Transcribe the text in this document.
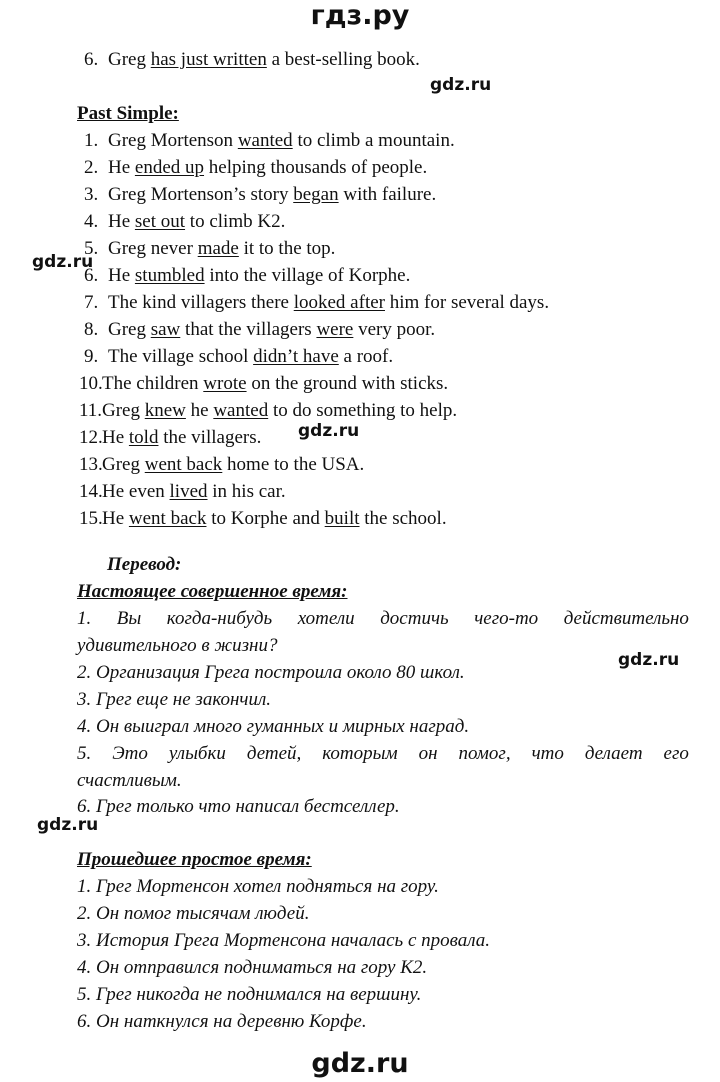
гдз.ру
gdz.ru
gdz.ru
gdz.ru
gdz.ru
gdz.ru
gdz.ru
6. Greg has just written a best-selling book.
Past Simple:
1. Greg Mortenson wanted to climb a mountain.
2. He ended up helping thousands of people.
3. Greg Mortenson’s story began with failure.
4. He set out to climb K2.
5. Greg never made it to the top.
6. He stumbled into the village of Korphe.
7. The kind villagers there looked after him for several days.
8. Greg saw that the villagers were very poor.
9. The village school didn’t have a roof.
10.The children wrote on the ground with sticks.
11.Greg knew he wanted to do something to help.
12.He told the villagers.
13.Greg went back home to the USA.
14.He even lived in his car.
15.He went back to Korphe and built the school.
Перевод:
Настоящее совершенное время:
1. Вы когда-нибудь хотели достичь чего-то действительно
удивительного в жизни?
2. Организация Грега построила около 80 школ.
3. Грег еще не закончил.
4. Он выиграл много гуманных и мирных наград.
5. Это улыбки детей, которым он помог, что делает его
счастливым.
6. Грег только что написал бестселлер.
Прошедшее простое время:
1. Грег Мортенсон хотел подняться на гору.
2. Он помог тысячам людей.
3. История Грега Мортенсона началась с провала.
4. Он отправился подниматься на гору K2.
5. Грег никогда не поднимался на вершину.
6. Он наткнулся на деревню Корфе.
